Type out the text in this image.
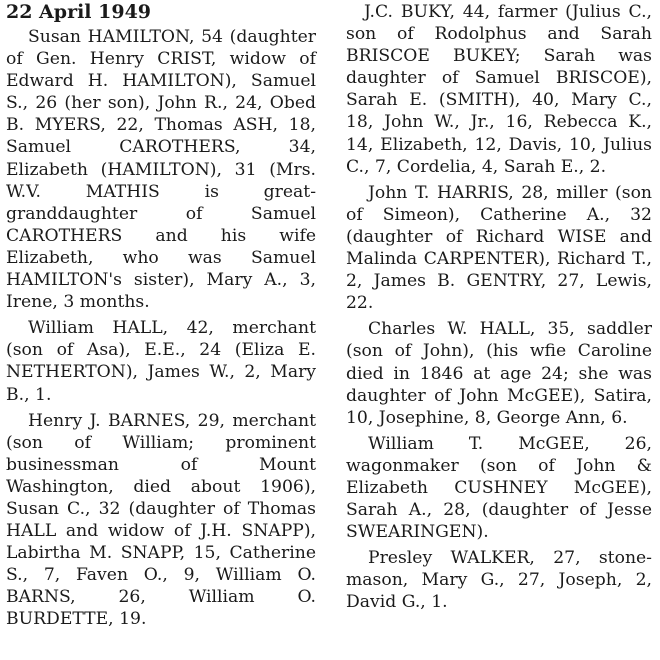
22 April 1949

Susan HAMILTON, 54 (daughter of Gen. Henry CRIST, widow of Edward H. HAMILTON), Samuel S., 26 (her son), John R., 24, Obed B. MYERS, 22, Thomas ASH, 18, Samuel CAROTHERS, 34, Elizabeth (HAMILTON), 31 (Mrs. W.V. MATHIS is great-granddaughter of Samuel CAROTHERS and his wife Elizabeth, who was Samuel HAMILTON's sister), Mary A., 3, Irene, 3 months.

William HALL, 42, merchant (son of Asa), E.E., 24 (Eliza E. NETHERTON), James W., 2, Mary B., 1.

Henry J. BARNES, 29, merchant (son of William; prominent businessman of Mount Washington, died about 1906), Susan C., 32 (daughter of Thomas HALL and widow of J.H. SNAPP), Labirtha M. SNAPP, 15, Catherine S., 7, Faven O., 9, William O. BARNS, 26, William O. BURDETTE, 19.

J.C. BUKY, 44, farmer (Julius C., son of Rodolphus and Sarah BRISCOE BUKEY; Sarah was daughter of Samuel BRISCOE), Sarah E. (SMITH), 40, Mary C., 18, John W., Jr., 16, Rebecca K., 14, Elizabeth, 12, Davis, 10, Julius C., 7, Cordelia, 4, Sarah E., 2.

John T. HARRIS, 28, miller (son of Simeon), Catherine A., 32 (daughter of Richard WISE and Malinda CARPENTER), Richard T., 2, James B. GENTRY, 27, Lewis, 22.

Charles W. HALL, 35, saddler (son of John), (his wfie Caroline died in 1846 at age 24; she was daughter of John McGEE), Satira, 10, Josephine, 8, George Ann, 6.

William T. McGEE, 26, wagonmaker (son of John & Elizabeth CUSHNEY McGEE), Sarah A., 28, (daughter of Jesse SWEARINGEN).

Presley WALKER, 27, stone-mason, Mary G., 27, Joseph, 2, David G., 1.
